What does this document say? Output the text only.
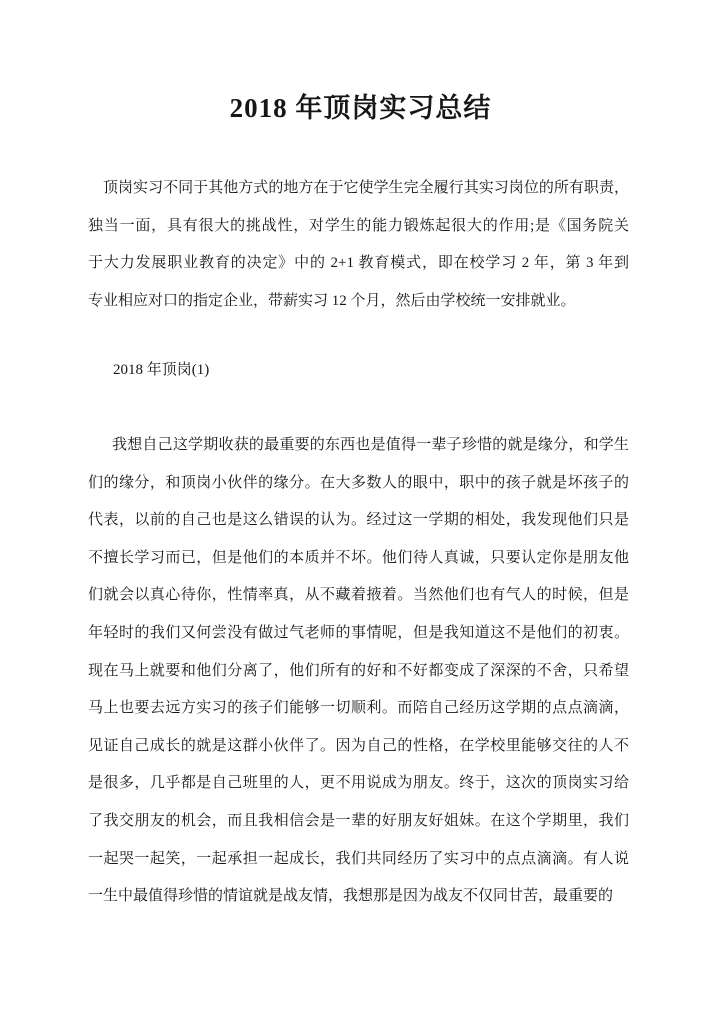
2018 年顶岗实习总结
顶岗实习不同于其他方式的地方在于它使学生完全履行其实习岗位的所有职责，
独当一面，具有很大的挑战性，对学生的能力锻炼起很大的作用;是《国务院关
于大力发展职业教育的决定》中的 2+1 教育模式，即在校学习 2 年，第 3 年到
专业相应对口的指定企业，带薪实习 12 个月，然后由学校统一安排就业。
2018 年顶岗(1)
我想自己这学期收获的最重要的东西也是值得一辈子珍惜的就是缘分，和学生
们的缘分，和顶岗小伙伴的缘分。在大多数人的眼中，职中的孩子就是坏孩子的
代表，以前的自己也是这么错误的认为。经过这一学期的相处，我发现他们只是
不擅长学习而已，但是他们的本质并不坏。他们待人真诚，只要认定你是朋友他
们就会以真心待你，性情率真，从不藏着掖着。当然他们也有气人的时候，但是
年轻时的我们又何尝没有做过气老师的事情呢，但是我知道这不是他们的初衷。
现在马上就要和他们分离了，他们所有的好和不好都变成了深深的不舍，只希望
马上也要去远方实习的孩子们能够一切顺利。而陪自己经历这学期的点点滴滴，
见证自己成长的就是这群小伙伴了。因为自己的性格，在学校里能够交往的人不
是很多，几乎都是自己班里的人，更不用说成为朋友。终于，这次的顶岗实习给
了我交朋友的机会，而且我相信会是一辈的好朋友好姐妹。在这个学期里，我们
一起哭一起笑，一起承担一起成长，我们共同经历了实习中的点点滴滴。有人说
一生中最值得珍惜的情谊就是战友情，我想那是因为战友不仅同甘苦，最重要的
